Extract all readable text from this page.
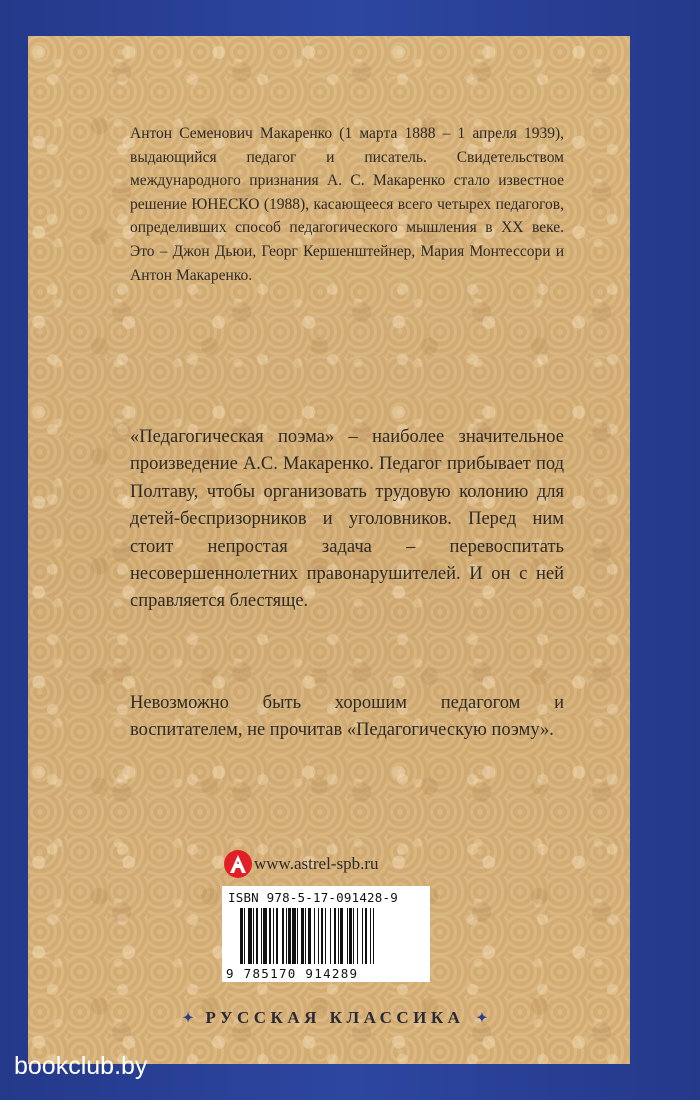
Антон Семенович Макаренко (1 марта 1888 – 1 апреля 1939), выдающийся педагог и писатель. Свидетельством международного признания А. С. Макаренко стало известное решение ЮНЕСКО (1988), касающееся всего четырех педагогов, определивших способ педагогического мышления в XX веке. Это – Джон Дьюи, Георг Кершенштейнер, Мария Монтессори и Антон Макаренко.
«Педагогическая поэма» – наиболее значительное произведение А.С. Макаренко. Педагог прибывает под Полтаву, чтобы организовать трудовую колонию для детей-беспризорников и уголовников. Перед ним стоит непростая задача – перевоспитать несовершеннолетних правонарушителей. И он с ней справляется блестяще.
Невозможно быть хорошим педагогом и воспитателем, не прочитав «Педагогическую поэму».
www.astrel-spb.ru
ISBN 978-5-17-091428-9
9 785170 914289
✦ РУССКАЯ КЛАССИКА ✦
bookclub.by
